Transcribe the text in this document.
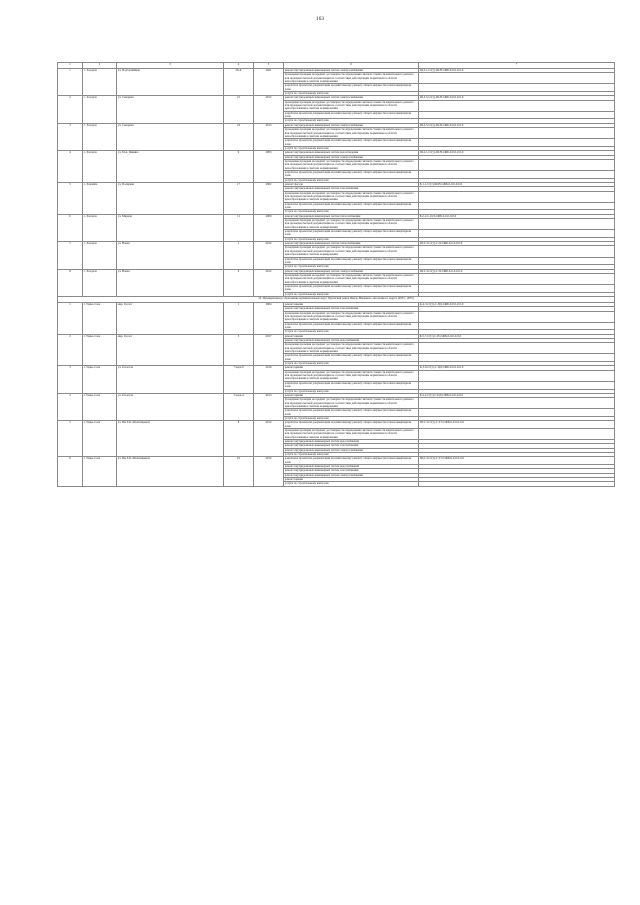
163
1	2	3	4	5	6	7
1	с. Халдача	ул. Подгорнийная	29-А	2041	ремонт внутридомовых инженерных систем электроснабжения	Ш-3-1-Ст(т)-Ш-Н-СЖБ-0-0-0-0-0-0
					проведение проверки на предмет достоверности определения сметной стоимости капитального ремонта или проверки сметной документации на соответствие действующим нормативам в области ценообразования в сметном нормировании	
					разработка проектной документации на капитальному ремонту общего имущества в многоквартирном доме	
					услуги по строительному контролю	
2	с. Халдача	ул. Северная	21	2012	ремонт внутридомовых инженерных систем электроснабжения	Ш-3-5-Ст(т)-Ш-Н-СЖБ-0-0-0-0-0-0
					проведение проверки на предмет достоверности определения сметной стоимости капитального ремонта или проверки сметной документации на соответствие действующим нормативам в области ценообразования в сметном нормировании	
					разработка проектной документации на капитальному ремонту общего имущества в многоквартирном доме	
					услуги по строительному контролю	
3	с. Халдача	ул. Северная	23	2013	ремонт внутридомовых инженерных систем электроснабжения	Ш-3-5-Ст(т)-Ш-Н-СЖБ-0-0-0-0-0-0
					проведение проверки на предмет достоверности определения сметной стоимости капитального ремонта или проверки сметной документации на соответствие действующим нормативам в области ценообразования в сметном нормировании	
					разработка проектной документации на капитальному ремонту общего имущества в многоквартирном доме	
					услуги по строительному контролю	
4	с. Халдача	ул. М.А. Ямкина	9	2003	ремонт внутридомовых инженерных систем водоотведения	Ш-2-1-Ст(т)-Ш-Н-СЖБ-0-0-0-0-0-0
					ремонт внутридомовых инженерных систем электроснабжения	
					проведение проверки на предмет достоверности определения сметной стоимости капитального ремонта или проверки сметной документации на соответствие действующим нормативам в области ценообразования в сметном нормировании	
					разработка проектной документации на капитальному ремонту общего имущества в многоквартирном доме	
					услуги по строительному контролю	
5	с. Харампа	ул. Полярная	17	2002	ремонт фасада	Б-1-1-Ст(т)-Ш-Н-СЖБ-0-0-0-0-0-0
					ремонт внутридомовых инженерных систем газоснабжения	
					проведение проверки на предмет достоверности определения сметной стоимости капитального ремонта или проверки сметной документации на соответствие действующим нормативам в области ценообразования в сметном нормировании	
					разработка проектной документации на капитальному ремонту общего имущества в многоквартирном доме	
					услуги по строительному контролю	
6	с. Халдача	ул. Мирная	11	2009	ремонт внутридомовых инженерных систем теплоснабжения	Б-2-2-С-0-П-СЖБ-0-0-0-0-0-0
					проведение проверки на предмет достоверности определения сметной стоимости капитального ремонта или проверки сметной документации на соответствие действующим нормативам в области ценообразования в сметном нормировании	
					разработка проектной документации на капитальному ремонту общего имущества в многоквартирном доме	
					услуги по строительному контролю	
7	с. Халдача	ул. Новая	1	2012	ремонт внутридомовых инженерных систем теплоснабжения	Ш-3-3-Ст(т)-С-П-СЖБ-0-0-0-0-0-0
					проведение проверки на предмет достоверности определения сметной стоимости капитального ремонта или проверки сметной документации на соответствие действующим нормативам в области ценообразования в сметном нормировании	
					разработка проектной документации на капитальному ремонту общего имущества в многоквартирном доме	
					услуги по строительному контролю	
8	с. Халдача	ул. Новая	9	2012	ремонт внутридомовых инженерных систем электроснабжения	Ш-3-3-Ст(т)-С-П-СЖБ-0-0-0-0-0-0
					проведение проверки на предмет достоверности определения сметной стоимости капитального ремонта или проверки сметной документации на соответствие действующим нормативам в области ценообразования в сметном нормировании	
					разработка проектной документации на капитальному ремонту общего имущества в многоквартирном доме	
					услуги по строительному контролю	
10. Муниципальное образование муниципальный округ Пуровский район Ямало-Ненецкого автономного округа (2033 - 2035)						
1	г. Тарко-Сале	мкр. Геолог	1	2004	ремонт крыши	К-4-3-Ст(т)-С-ПД-СЖБ-0-0-0-0-0-0
					ремонт внутридомовых инженерных систем газоснабжения	
					проведение проверки на предмет достоверности определения сметной стоимости капитального ремонта или проверки сметной документации на соответствие действующим нормативам в области ценообразования в сметном нормировании	
					разработка проектной документации на капитальному ремонту общего имущества в многоквартирном доме	
					услуги по строительному контролю	
2	г. Тарко-Сале	мкр. Геолог	5	2017	ремонт крыши	Б-5-7-Ст(т)-С-Н-СЖБ-0-0-0-0-0-0
					ремонт внутридомовых инженерных систем водоснабжения	
					проведение проверки на предмет достоверности определения сметной стоимости капитального ремонта или проверки сметной документации на соответствие действующим нормативам в области ценообразования в сметном нормировании	
					разработка проектной документации на капитальному ремонту общего имущества в многоквартирном доме	
					услуги по строительному контролю	
3	г. Тарко-Сале	ул. Геологов	7 корп.9	2016	ремонт крыши	К-5-9-Ст(т)-С-ПД-СЖБ-0-0-0-0-0-0
					проведение проверки на предмет достоверности определения сметной стоимости капитального ремонта или проверки сметной документации на соответствие действующим нормативам в области ценообразования в сметном нормировании	
					разработка проектной документации на капитальному ремонту общего имущества в многоквартирном доме	
					услуги по строительному контролю	
4	г. Тарко-Сале	ул. Геологов	7 корп.4	2013	ремонт крыши	Б-4-2-Ст(т)-С-ПД-СЖБ-0-0-0-0-0-0
					проведение проверки на предмет достоверности определения сметной стоимости капитального ремонта или проверки сметной документации на соответствие действующим нормативам в области ценообразования в сметном нормировании	
					разработка проектной документации на капитальному ремонту общего имущества в многоквартирном доме	
					услуги по строительному контролю	
5	г. Тарко-Сале	ул. Им Е.К. Шалгинцевой	8	2012	разработка проектной документации на капитальному ремонту общего имущества в многоквартирном доме	Ш-5-3-Ст(т)-С-ТЭ-СЖБ-0-0-0-0-0-0
					проведение проверки на предмет достоверности определения сметной стоимости капитального ремонта или проверки сметной документации на соответствие действующим нормативам в области ценообразования в сметном нормировании	
					ремонт внутридомовых инженерных систем водоснабжения	
					ремонт внутридомовых инженерных систем газоснабжения	
					ремонт внутридомовых инженерных систем электроснабжения	
					услуги по строительному контролю	
6	г. Тарко-Сале	ул. Им Е.К. Шалгинцевой	19	2012	разработка проектной документации на капитальному ремонту общего имущества в многоквартирном доме	Ш-5-3-Ст(т)-С-ТЭ-СЖБ-0-0-0-0-0-0
					ремонт внутридомовых инженерных систем водоснабжения	
					ремонт внутридомовых инженерных систем газоснабжения	
					ремонт внутридомовых инженерных систем электроснабжения	
					ремонт крыши	
					услуги по строительному контролю	
